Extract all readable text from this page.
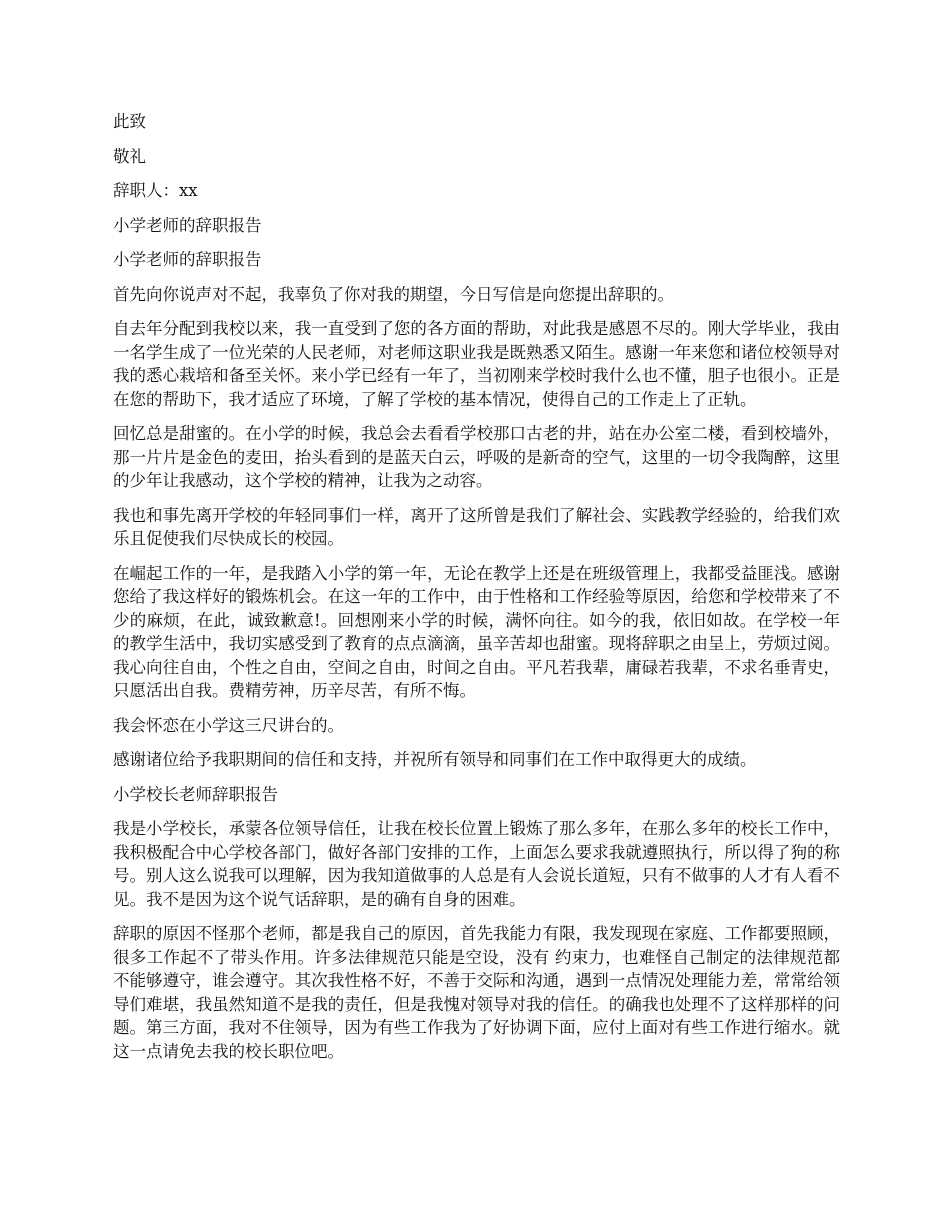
此致

敬礼

辞职人：xx

小学老师的辞职报告

小学老师的辞职报告

首先向你说声对不起，我辜负了你对我的期望，今日写信是向您提出辞职的。

自去年分配到我校以来，我一直受到了您的各方面的帮助，对此我是感恩不尽的。刚大学毕业，我由一名学生成了一位光荣的人民老师，对老师这职业我是既熟悉又陌生。感谢一年来您和诸位校领导对我的悉心栽培和备至关怀。来小学已经有一年了，当初刚来学校时我什么也不懂，胆子也很小。正是在您的帮助下，我才适应了环境，了解了学校的基本情况，使得自己的工作走上了正轨。

回忆总是甜蜜的。在小学的时候，我总会去看看学校那口古老的井，站在办公室二楼，看到校墙外，那一片片是金色的麦田，抬头看到的是蓝天白云，呼吸的是新奇的空气，这里的一切令我陶醉，这里的少年让我感动，这个学校的精神，让我为之动容。

我也和事先离开学校的年轻同事们一样，离开了这所曾是我们了解社会、实践教学经验的，给我们欢乐且促使我们尽快成长的校园。

在崛起工作的一年，是我踏入小学的第一年，无论在教学上还是在班级管理上，我都受益匪浅。感谢您给了我这样好的锻炼机会。在这一年的工作中，由于性格和工作经验等原因，给您和学校带来了不少的麻烦，在此，诚致歉意!。回想刚来小学的时候，满怀向往。如今的我，依旧如故。在学校一年的教学生活中，我切实感受到了教育的点点滴滴，虽辛苦却也甜蜜。现将辞职之由呈上，劳烦过阅。我心向往自由，个性之自由，空间之自由，时间之自由。平凡若我辈，庸碌若我辈，不求名垂青史，只愿活出自我。费精劳神，历辛尽苦，有所不悔。

我会怀恋在小学这三尺讲台的。

感谢诸位给予我职期间的信任和支持，并祝所有领导和同事们在工作中取得更大的成绩。

小学校长老师辞职报告

我是小学校长，承蒙各位领导信任，让我在校长位置上锻炼了那么多年，在那么多年的校长工作中，我积极配合中心学校各部门，做好各部门安排的工作，上面怎么要求我就遵照执行，所以得了狗的称号。别人这么说我可以理解，因为我知道做事的人总是有人会说长道短，只有不做事的人才有人看不见。我不是因为这个说气话辞职，是的确有自身的困难。

辞职的原因不怪那个老师，都是我自己的原因，首先我能力有限，我发现现在家庭、工作都要照顾，很多工作起不了带头作用。许多法律规范只能是空设，没有 约束力，也难怪自己制定的法律规范都不能够遵守，谁会遵守。其次我性格不好，不善于交际和沟通，遇到一点情况处理能力差，常常给领导们难堪，我虽然知道不是我的责任，但是我愧对领导对我的信任。的确我也处理不了这样那样的问题。第三方面，我对不住领导，因为有些工作我为了好协调下面，应付上面对有些工作进行缩水。就这一点请免去我的校长职位吧。
